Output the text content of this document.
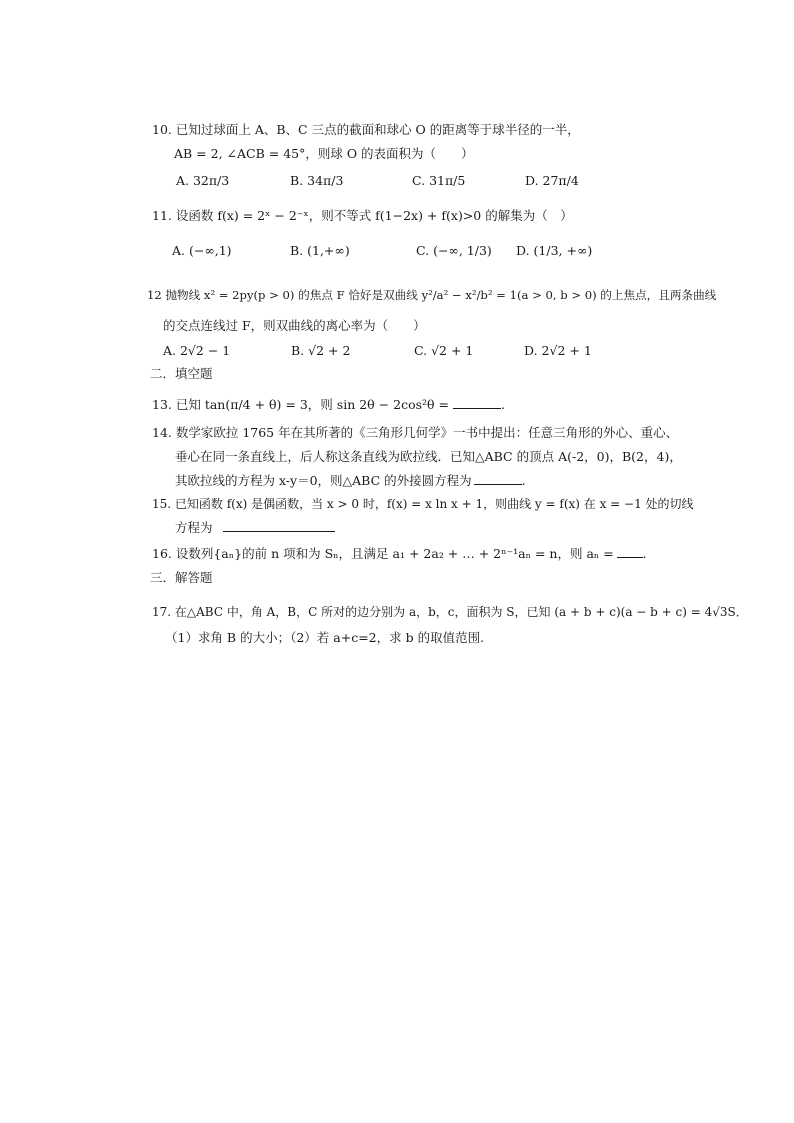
10. 已知过球面上 A、B、C 三点的截面和球心 O 的距离等于球半径的一半，
AB = 2, ∠ACB = 45°，则球 O 的表面积为（　　）
A. 32π/3	B. 34π/3	C. 31π/5	D. 27π/4
11. 设函数 f(x) = 2ˣ − 2⁻ˣ，则不等式 f(1−2x) + f(x)>0 的解集为（　）
A. (−∞,1)	B. (1,+∞)	C. (−∞, 1/3) D. (1/3, +∞)
12 抛物线 x² = 2py(p > 0) 的焦点 F 恰好是双曲线 y²/a² − x²/b² = 1(a > 0, b > 0) 的上焦点，且两条曲线
的交点连线过 F，则双曲线的离心率为（　　）
A. 2√2 − 1	B. √2 + 2	C. √2 + 1	D. 2√2 + 1
二．填空题
13. 已知 tan(π/4 + θ) = 3，则 sin 2θ − 2cos²θ =	.
14. 数学家欧拉 1765 年在其所著的《三角形几何学》一书中提出：任意三角形的外心、重心、
垂心在同一条直线上，后人称这条直线为欧拉线．已知△ABC 的顶点 A(-2，0)，B(2，4)，
其欧拉线的方程为 x-y＝0，则△ABC 的外接圆方程为	.
15. 已知函数 f(x) 是偶函数，当 x > 0 时，f(x) = x ln x + 1，则曲线 y = f(x) 在 x = −1 处的切线
方程为
16. 设数列{aₙ}的前 n 项和为 Sₙ，且满足 a₁ + 2a₂ + … + 2ⁿ⁻¹aₙ = n，则 aₙ = .
三．解答题
17. 在△ABC 中，角 A，B，C 所对的边分别为 a，b，c，面积为 S，已知 (a + b + c)(a − b + c) = 4√3S．
（1）求角 B 的大小；（2）若 a+c=2，求 b 的取值范围.
